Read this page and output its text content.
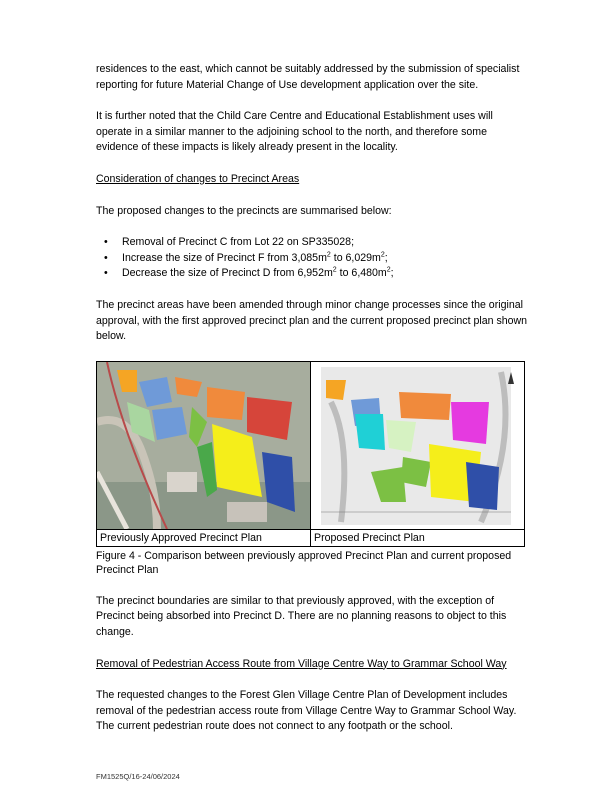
residences to the east, which cannot be suitably addressed by the submission of specialist reporting for future Material Change of Use development application over the site.

It is further noted that the Child Care Centre and Educational Establishment uses will operate in a similar manner to the adjoining school to the north, and therefore some evidence of these impacts is likely already present in the locality.

Consideration of changes to Precinct Areas

The proposed changes to the precincts are summarised below:

• Removal of Precinct C from Lot 22 on SP335028;
• Increase the size of Precinct F from $3,085m^2$ to $6,029m^2$;
• Decrease the size of Precinct D from $6,952m^2$ to $6,480m^2$;

The precinct areas have been amended through minor change processes since the original approval, with the first approved precinct plan and the current proposed precinct plan shown below.

Previously Approved Precinct Plan	Proposed Precinct Plan
Figure 4 - Comparison between previously approved Precinct Plan and current proposed Precinct Plan

The precinct boundaries are similar to that previously approved, with the exception of Precinct being absorbed into Precinct D. There are no planning reasons to object to this change.

Removal of Pedestrian Access Route from Village Centre Way to Grammar School Way

The requested changes to the Forest Glen Village Centre Plan of Development includes removal of the pedestrian access route from Village Centre Way to Grammar School Way. The current pedestrian route does not connect to any footpath or the school.

FM1525Q/16-24/06/2024
